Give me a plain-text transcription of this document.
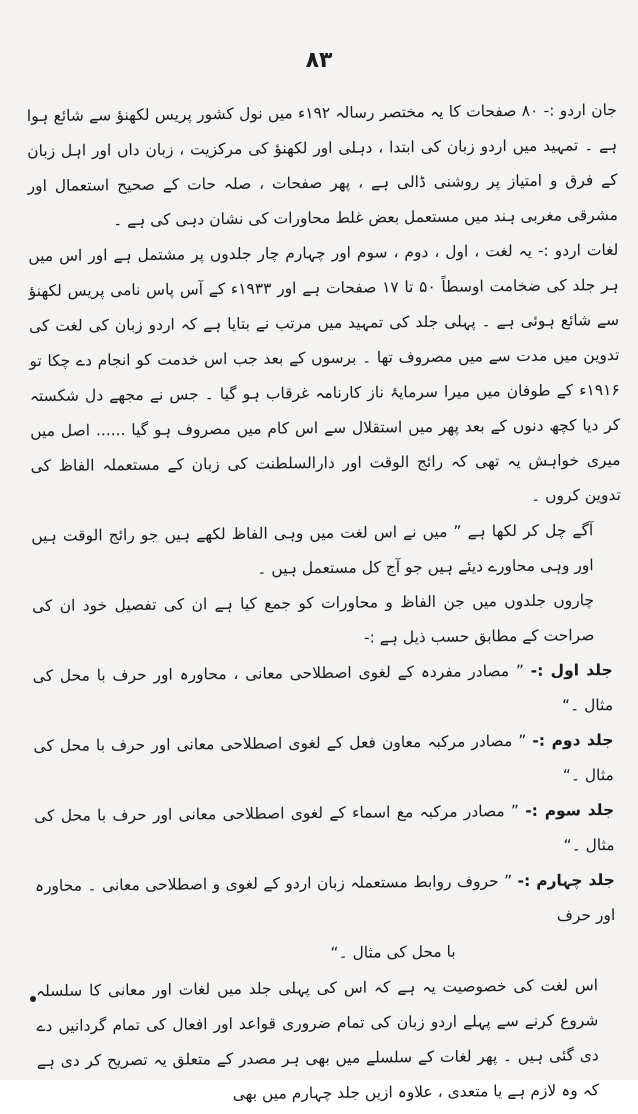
۸۳

جان اردو :- ۸۰ صفحات کا یہ مختصر رسالہ ۱۹۲ء میں نول کشور پریس لکھنؤ سے شائع ہوا ہے ۔ تمہید میں اردو زبان کی ابتدا ، دہلی اور لکھنؤ کی مرکزیت ، زبان داں اور اہل زبان کے فرق و امتیاز پر روشنی ڈالی ہے ، پھر صفحات ، صلہ حات کے صحیح استعمال اور مشرقی مغربی ہند میں مستعمل بعض غلط محاورات کی نشان دہی کی ہے ۔

لغات اردو :- یہ لغت ، اول ، دوم ، سوم اور چہارم چار جلدوں پر مشتمل ہے اور اس میں ہر جلد کی ضخامت اوسطاً ۵۰ تا ۱۷ صفحات ہے اور ۱۹۳۳ء کے آس پاس نامی پریس لکھنؤ سے شائع ہوئی ہے ۔ پہلی جلد کی تمہید میں مرتب نے بتایا ہے کہ اردو زبان کی لغت کی تدوین میں مدت سے میں مصروف تھا ۔ برسوں کے بعد جب اس خدمت کو انجام دے چکا تو ۱۹۱۶ء کے طوفان میں میرا سرمایۂ ناز کارنامہ غرقاب ہو گیا ۔ جس نے مجھے دل شکستہ کر دیا کچھ دنوں کے بعد پھر میں استقلال سے اس کام میں مصروف ہو گیا ...... اصل میں میری خواہش یہ تھی کہ رائج الوقت اور دارالسلطنت کی زبان کے مستعملہ الفاظ کی تدوین کروں ۔

آگے چل کر لکھا ہے ” میں نے اس لغت میں وہی الفاظ لکھے ہیں جو رائج الوقت ہیں اور وہی محاورے دیئے ہیں جو آج کل مستعمل ہیں ۔

چاروں جلدوں میں جن الفاظ و محاورات کو جمع کیا ہے ان کی تفصیل خود ان کی صراحت کے مطابق حسب ذیل ہے :-

جلد اول :- ” مصادر مفردہ کے لغوی اصطلاحی معانی ، محاورہ اور حرف با محل کی مثال ۔“

جلد دوم :- ” مصادر مرکبہ معاون فعل کے لغوی اصطلاحی معانی اور حرف با محل کی مثال ۔“

جلد سوم :- ” مصادر مرکبہ مع اسماء کے لغوی اصطلاحی معانی اور حرف با محل کی مثال ۔“

جلد چہارم :- ” حروف روابط مستعملہ زبان اردو کے لغوی و اصطلاحی معانی ۔ محاورہ اور حرف

با محل کی مثال ۔“

اس لغت کی خصوصیت یہ ہے کہ اس کی پہلی جلد میں لغات اور معانی کا سلسلہ شروع کرنے سے پہلے اردو زبان کی تمام ضروری قواعد اور افعال کی تمام گردانیں دے دی گئی ہیں ۔ پھر لغات کے سلسلے میں بھی ہر مصدر کے متعلق یہ تصریح کر دی ہے کہ وہ لازم ہے یا متعدی ، علاوہ ازیں جلد چہارم میں بھی
